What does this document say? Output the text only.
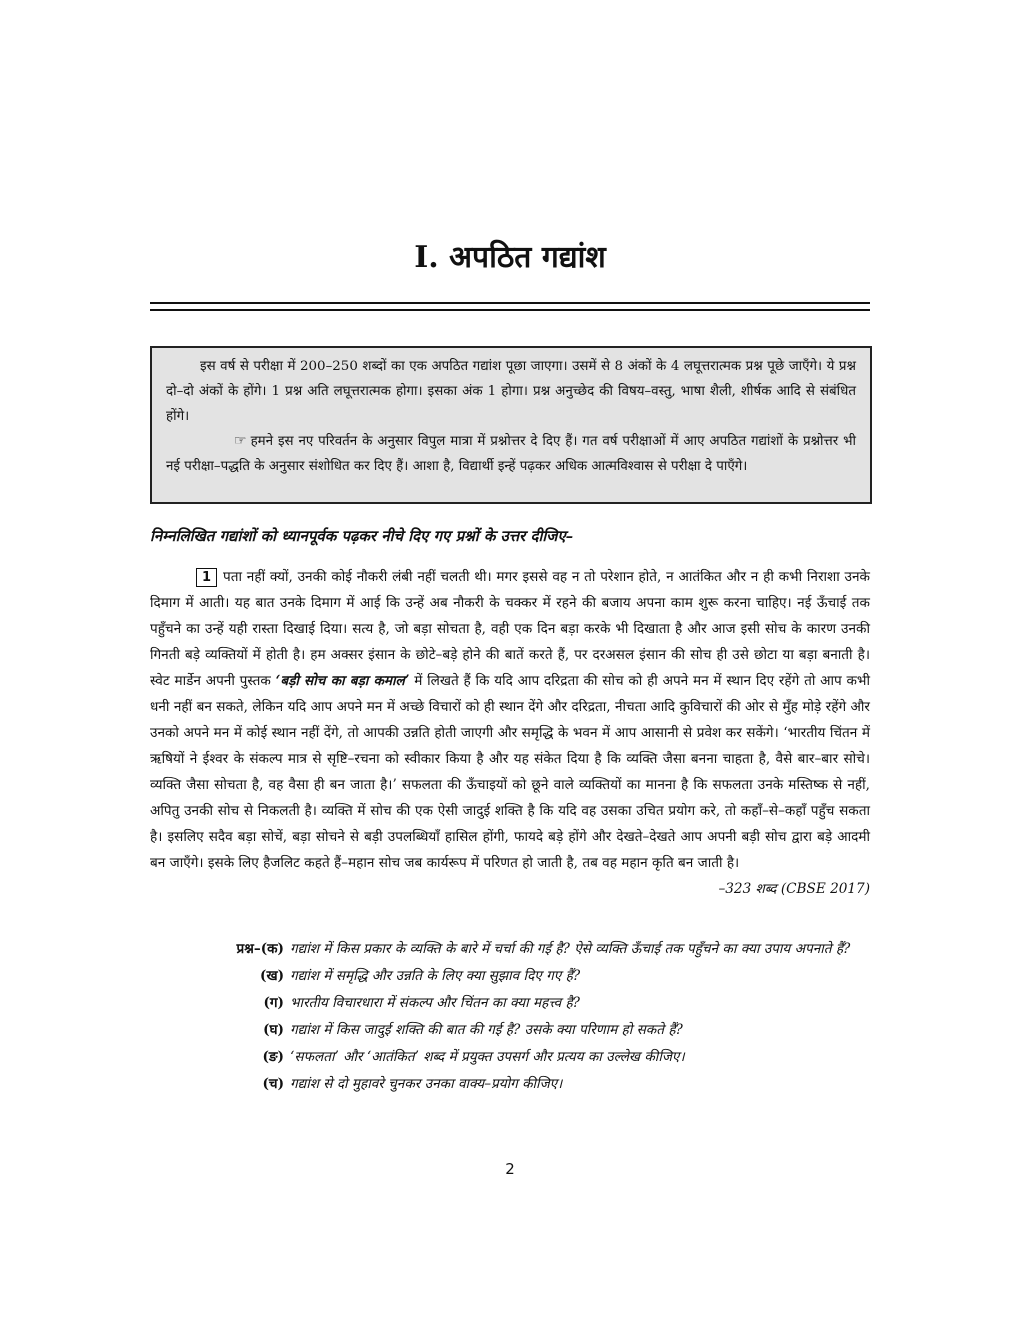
I. अपठित गद्यांश

इस वर्ष से परीक्षा में 200–250 शब्दों का एक अपठित गद्यांश पूछा जाएगा। उसमें से 8 अंकों के 4 लघूत्तरात्मक प्रश्न पूछे जाएँगे। ये प्रश्न दो–दो अंकों के होंगे। 1 प्रश्न अति लघूत्तरात्मक होगा। इसका अंक 1 होगा। प्रश्न अनुच्छेद की विषय–वस्तु, भाषा शैली, शीर्षक आदि से संबंधित होंगे।

☞ हमने इस नए परिवर्तन के अनुसार विपुल मात्रा में प्रश्नोत्तर दे दिए हैं। गत वर्ष परीक्षाओं में आए अपठित गद्यांशों के प्रश्नोत्तर भी नई परीक्षा–पद्धति के अनुसार संशोधित कर दिए हैं। आशा है, विद्यार्थी इन्हें पढ़कर अधिक आत्मविश्वास से परीक्षा दे पाएँगे।

निम्नलिखित गद्यांशों को ध्यानपूर्वक पढ़कर नीचे दिए गए प्रश्नों के उत्तर दीजिए–

1 पता नहीं क्यों, उनकी कोई नौकरी लंबी नहीं चलती थी। मगर इससे वह न तो परेशान होते, न आतंकित और न ही कभी निराशा उनके दिमाग में आती। यह बात उनके दिमाग में आई कि उन्हें अब नौकरी के चक्कर में रहने की बजाय अपना काम शुरू करना चाहिए। नई ऊँचाई तक पहुँचने का उन्हें यही रास्ता दिखाई दिया। सत्य है, जो बड़ा सोचता है, वही एक दिन बड़ा करके भी दिखाता है और आज इसी सोच के कारण उनकी गिनती बड़े व्यक्तियों में होती है। हम अक्सर इंसान के छोटे–बड़े होने की बातें करते हैं, पर दरअसल इंसान की सोच ही उसे छोटा या बड़ा बनाती है। स्वेट मार्डेन अपनी पुस्तक ‘बड़ी सोच का बड़ा कमाल’ में लिखते हैं कि यदि आप दरिद्रता की सोच को ही अपने मन में स्थान दिए रहेंगे तो आप कभी धनी नहीं बन सकते, लेकिन यदि आप अपने मन में अच्छे विचारों को ही स्थान देंगे और दरिद्रता, नीचता आदि कुविचारों की ओर से मुँह मोड़े रहेंगे और उनको अपने मन में कोई स्थान नहीं देंगे, तो आपकी उन्नति होती जाएगी और समृद्धि के भवन में आप आसानी से प्रवेश कर सकेंगे। ‘भारतीय चिंतन में ऋषियों ने ईश्वर के संकल्प मात्र से सृष्टि–रचना को स्वीकार किया है और यह संकेत दिया है कि व्यक्ति जैसा बनना चाहता है, वैसे बार–बार सोचे। व्यक्ति जैसा सोचता है, वह वैसा ही बन जाता है।’ सफलता की ऊँचाइयों को छूने वाले व्यक्तियों का मानना है कि सफलता उनके मस्तिष्क से नहीं, अपितु उनकी सोच से निकलती है। व्यक्ति में सोच की एक ऐसी जादुई शक्ति है कि यदि वह उसका उचित प्रयोग करे, तो कहाँ–से–कहाँ पहुँच सकता है। इसलिए सदैव बड़ा सोचें, बड़ा सोचने से बड़ी उपलब्धियाँ हासिल होंगी, फायदे बड़े होंगे और देखते–देखते आप अपनी बड़ी सोच द्वारा बड़े आदमी बन जाएँगे। इसके लिए हैजलिट कहते हैं–महान सोच जब कार्यरूप में परिणत हो जाती है, तब वह महान कृति बन जाती है।
–323 शब्द (CBSE 2017)

प्रश्न–(क) गद्यांश में किस प्रकार के व्यक्ति के बारे में चर्चा की गई है? ऐसे व्यक्ति ऊँचाई तक पहुँचने का क्या उपाय अपनाते हैं?
(ख) गद्यांश में समृद्धि और उन्नति के लिए क्या सुझाव दिए गए हैं?
(ग) भारतीय विचारधारा में संकल्प और चिंतन का क्या महत्त्व है?
(घ) गद्यांश में किस जादुई शक्ति की बात की गई है? उसके क्या परिणाम हो सकते हैं?
(ङ) ‘सफलता’ और ‘आतंकित’ शब्द में प्रयुक्त उपसर्ग और प्रत्यय का उल्लेख कीजिए।
(च) गद्यांश से दो मुहावरे चुनकर उनका वाक्य–प्रयोग कीजिए।
2
